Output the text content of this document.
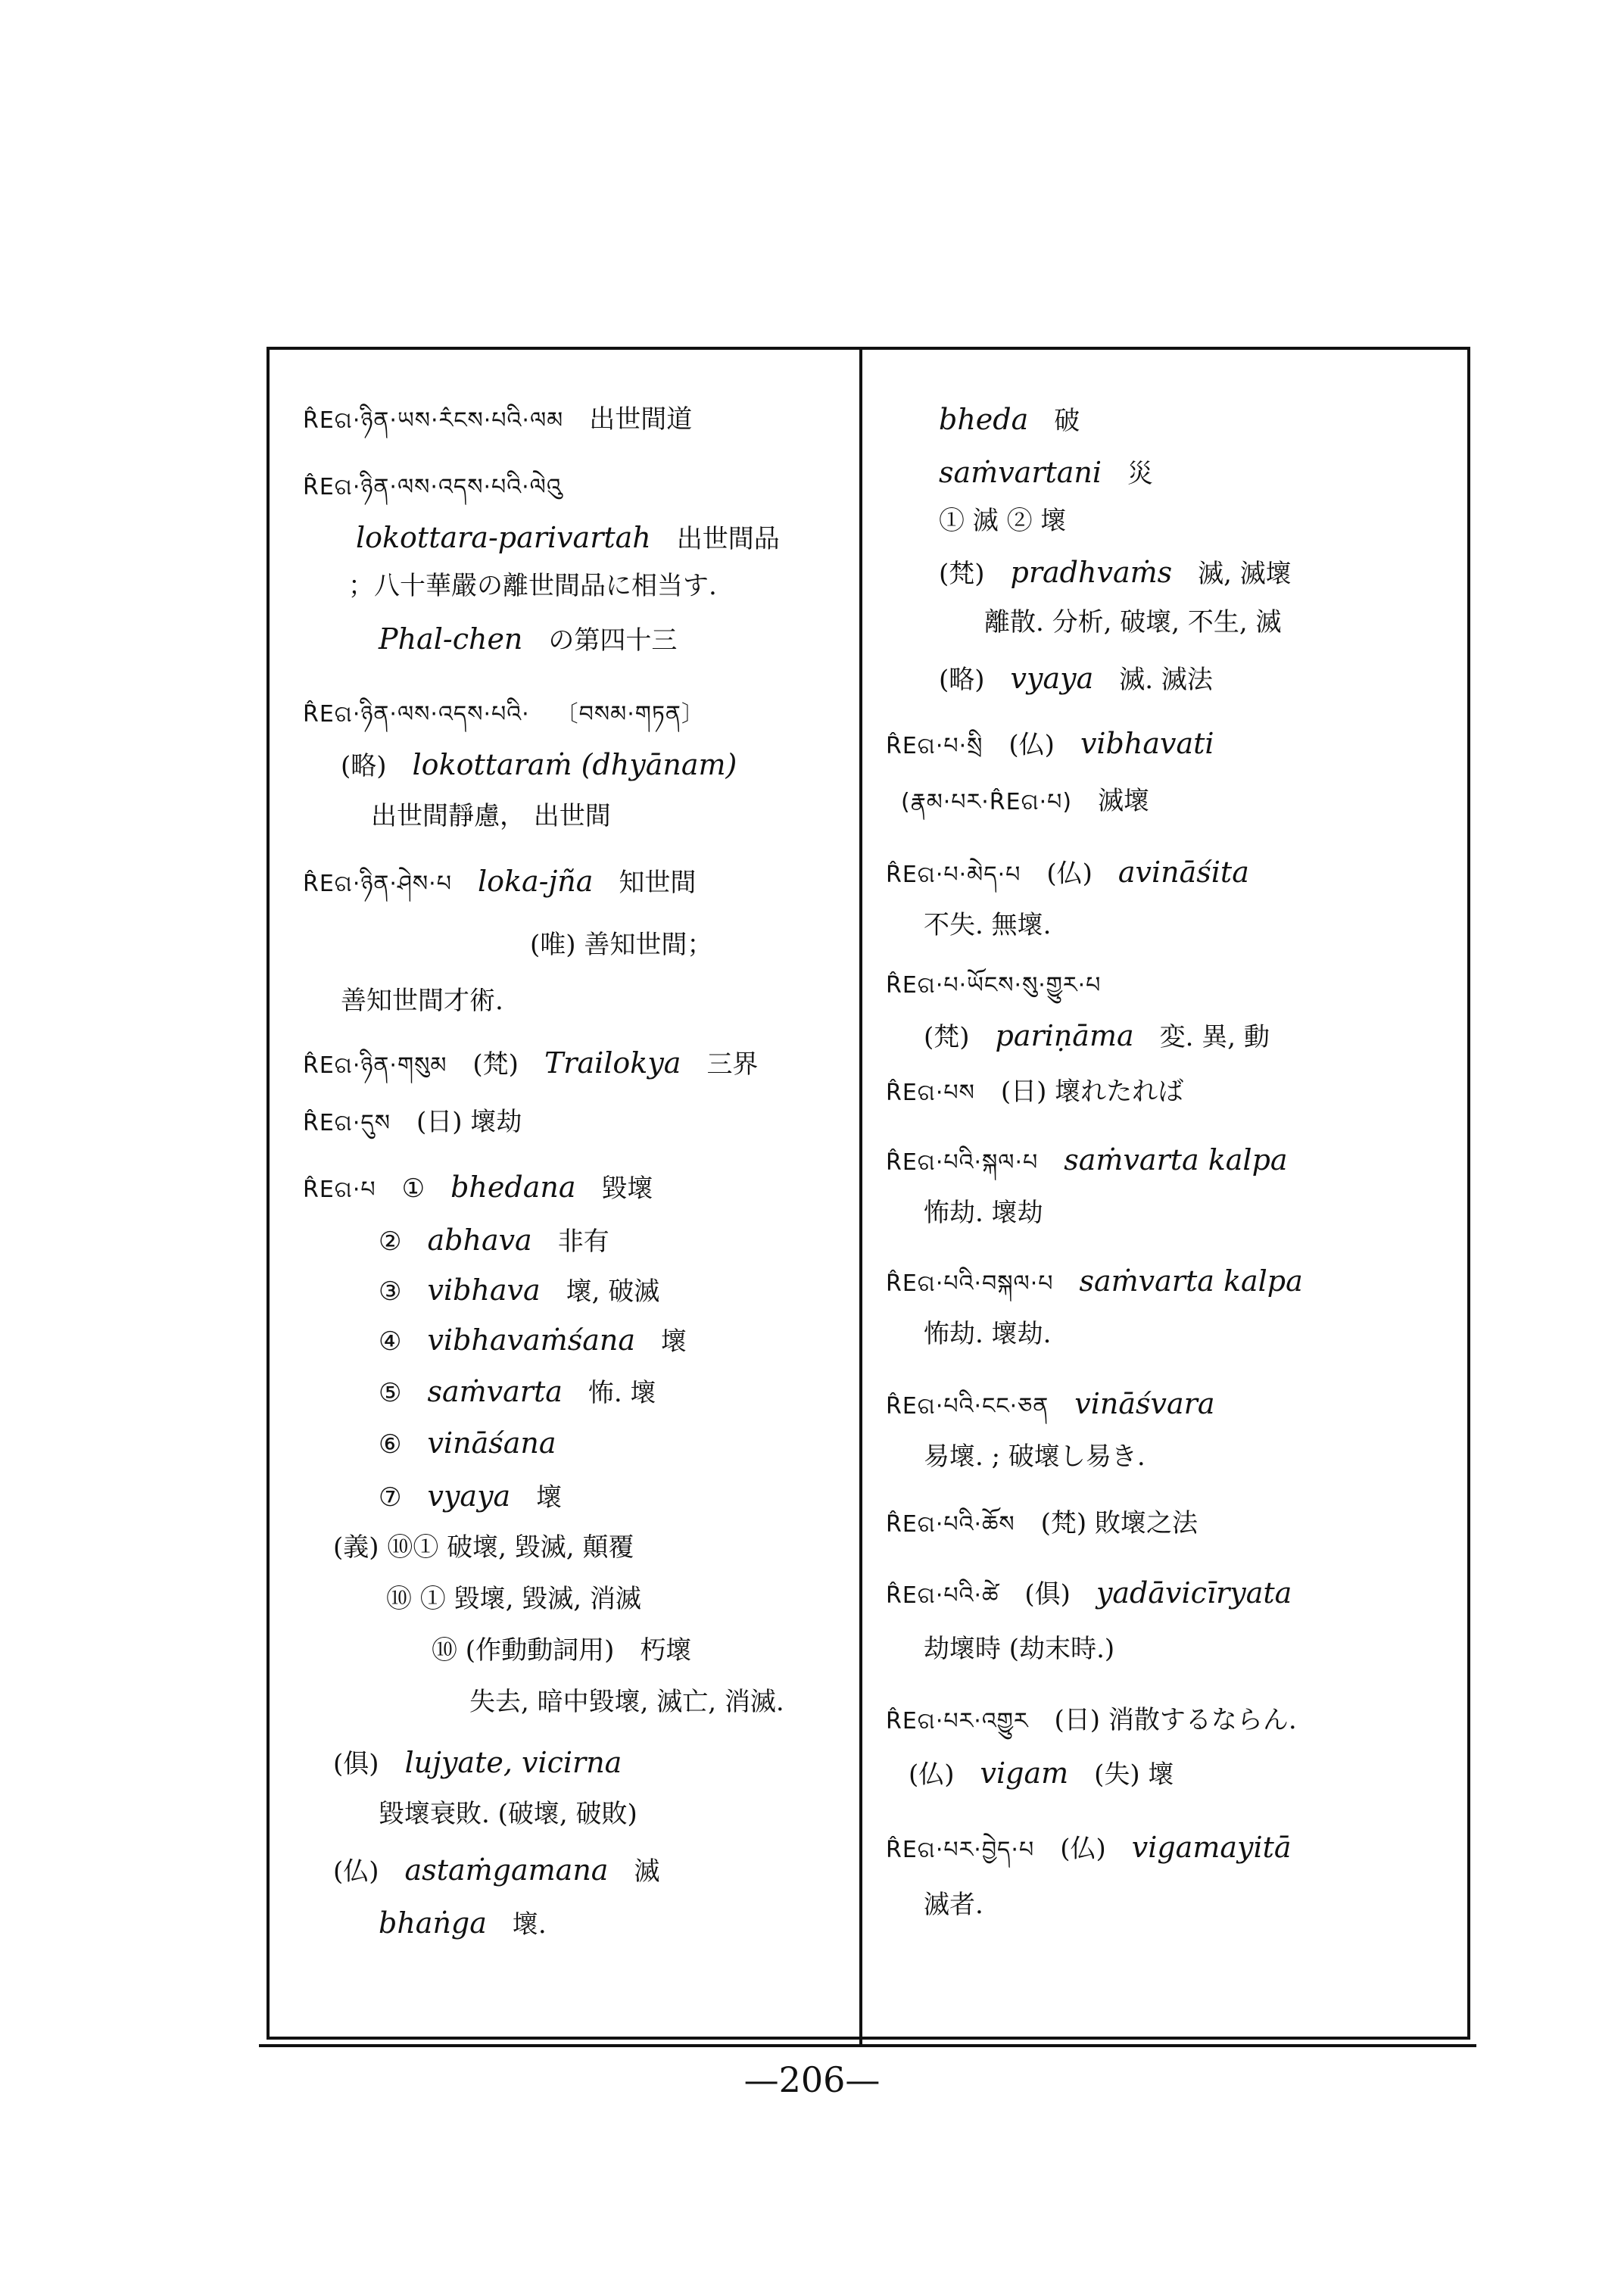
R̂Eଗ·ཉིན·ཡས·ར̂ངས·པའི·ལམ 出世間道
R̂Eଗ·ཉིན·ལས·འདས·པའི·ལེའུ
lokottara-parivartah 出世間品
；八十華嚴の離世間品に相当す.
Phal-chen の第四十三
R̂Eଗ·ཉིན·ལས·འདས·པའི· 〔བསམ·གཏན〕
(略) lokottaraṁ (dhyānam)
出世間靜慮， 出世間
R̂Eଗ·ཉིན·ཤེས·པ loka-jña 知世間
(唯) 善知世間；
善知世間才術.
R̂Eଗ·ཉིན·གསུམ (梵) Trailokya 三界
R̂Eଗ·དུས (日) 壞劫
R̂Eଗ·པ ① bhedana 毀壞
② abhava 非有
③ vibhava 壞, 破滅
④ vibhavaṁśana 壞
⑤ saṁvarta 怖. 壞
⑥ vināśana
⑦ vyaya 壞
(義) ⑩① 破壞, 毀滅, 顛覆
⑩ ① 毀壞, 毀滅, 消滅
⑩ (作動動詞用) 朽壞
失去, 暗中毀壞, 滅亡, 消滅.
(俱) lujyate, vicirna
毀壞衰敗. (破壞, 破敗)
(仏) astaṁgamana 滅
bhaṅga 壞.
bheda 破
saṁvartani 災
① 滅 ② 壞
(梵) pradhvaṁs 滅, 滅壞
離散. 分析, 破壞, 不生, 滅
(略) vyaya 滅. 滅法
R̂Eଗ·པ·སྲི (仏) vibhavati
(རྣམ·པར·R̂Eଗ·པ) 滅壞
R̂Eଗ·པ·མེད·པ (仏) avināśita
不失. 無壞.
R̂Eଗ·པ·ཡོངས·སུ·གྱུར·པ
(梵) pariṇāma 変. 異, 動
R̂Eଗ·པས (日) 壞れたれば
R̂Eଗ·པའི·སྐལ·པ saṁvarta kalpa
怖劫. 壞劫
R̂Eଗ·པའི·བསྐལ·པ saṁvarta kalpa
怖劫. 壞劫.
R̂Eଗ·པའི·ངང·ཅན vināśvara
易壞. ; 破壞し易き.
R̂Eଗ·པའི·ཆོས (梵) 敗壞之法
R̂Eଗ·པའི·ཚེ (俱) yadāvicīryata
劫壞時 (劫末時.)
R̂Eଗ·པར·འགྱུར (日) 消散するならん.
(仏) vigam (失) 壞
R̂Eଗ·པར·བྱེད·པ (仏) vigamayitā
滅者.
—206—
